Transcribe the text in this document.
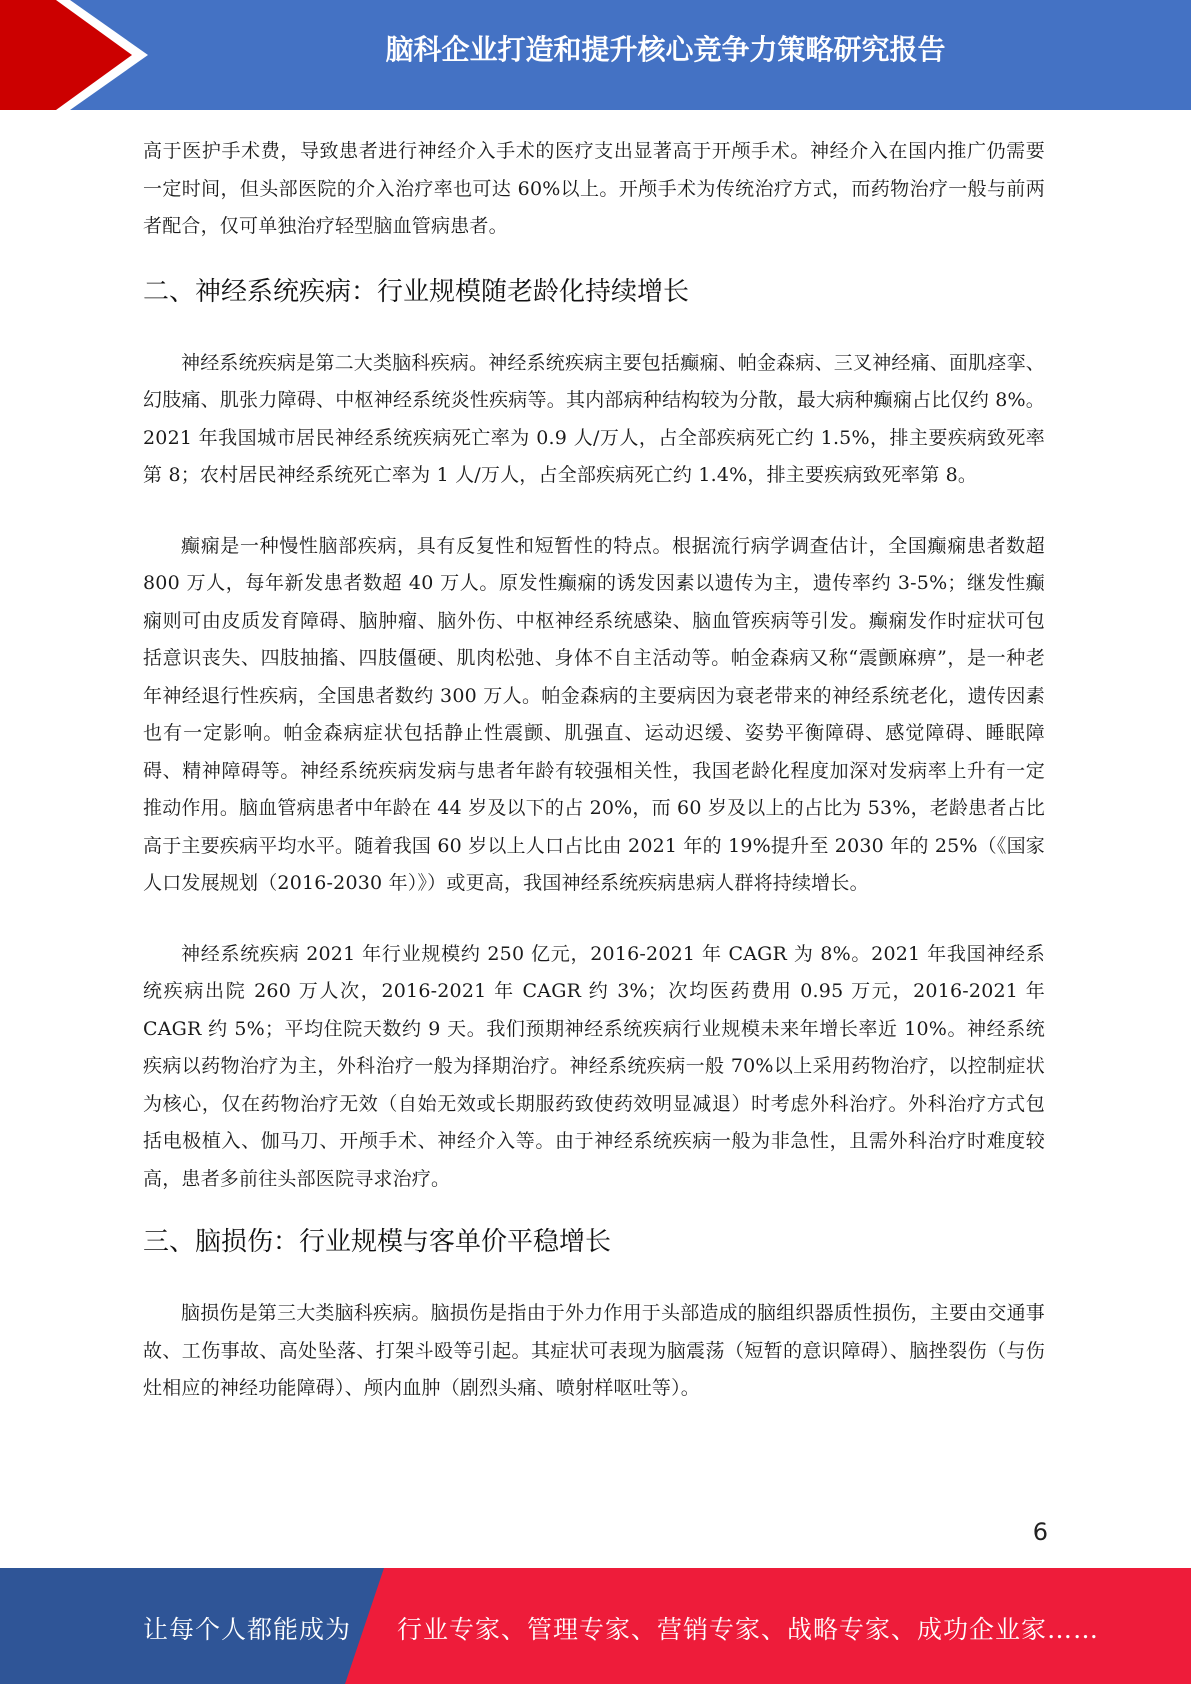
脑科企业打造和提升核心竞争力策略研究报告

高于医护手术费，导致患者进行神经介入手术的医疗支出显著高于开颅手术。神经介入在国内推广仍需要一定时间，但头部医院的介入治疗率也可达 60%以上。开颅手术为传统治疗方式，而药物治疗一般与前两者配合，仅可单独治疗轻型脑血管病患者。

二、神经系统疾病：行业规模随老龄化持续增长

神经系统疾病是第二大类脑科疾病。神经系统疾病主要包括癫痫、帕金森病、三叉神经痛、面肌痉挛、幻肢痛、肌张力障碍、中枢神经系统炎性疾病等。其内部病种结构较为分散，最大病种癫痫占比仅约 8%。2021 年我国城市居民神经系统疾病死亡率为 0.9 人/万人，占全部疾病死亡约 1.5%，排主要疾病致死率第 8；农村居民神经系统死亡率为 1 人/万人，占全部疾病死亡约 1.4%，排主要疾病致死率第 8。

癫痫是一种慢性脑部疾病，具有反复性和短暂性的特点。根据流行病学调查估计，全国癫痫患者数超 800 万人，每年新发患者数超 40 万人。原发性癫痫的诱发因素以遗传为主，遗传率约 3-5%；继发性癫痫则可由皮质发育障碍、脑肿瘤、脑外伤、中枢神经系统感染、脑血管疾病等引发。癫痫发作时症状可包括意识丧失、四肢抽搐、四肢僵硬、肌肉松弛、身体不自主活动等。帕金森病又称“震颤麻痹”，是一种老年神经退行性疾病，全国患者数约 300 万人。帕金森病的主要病因为衰老带来的神经系统老化，遗传因素也有一定影响。帕金森病症状包括静止性震颤、肌强直、运动迟缓、姿势平衡障碍、感觉障碍、睡眠障碍、精神障碍等。神经系统疾病发病与患者年龄有较强相关性，我国老龄化程度加深对发病率上升有一定推动作用。脑血管病患者中年龄在 44 岁及以下的占 20%，而 60 岁及以上的占比为 53%，老龄患者占比高于主要疾病平均水平。随着我国 60 岁以上人口占比由 2021 年的 19%提升至 2030 年的 25%（《国家人口发展规划（2016-2030 年）》）或更高，我国神经系统疾病患病人群将持续增长。

神经系统疾病 2021 年行业规模约 250 亿元，2016-2021 年 CAGR 为 8%。2021 年我国神经系统疾病出院 260 万人次，2016-2021 年 CAGR 约 3%；次均医药费用 0.95 万元，2016-2021 年 CAGR 约 5%；平均住院天数约 9 天。我们预期神经系统疾病行业规模未来年增长率近 10%。神经系统疾病以药物治疗为主，外科治疗一般为择期治疗。神经系统疾病一般 70%以上采用药物治疗，以控制症状为核心，仅在药物治疗无效（自始无效或长期服药致使药效明显减退）时考虑外科治疗。外科治疗方式包括电极植入、伽马刀、开颅手术、神经介入等。由于神经系统疾病一般为非急性，且需外科治疗时难度较高，患者多前往头部医院寻求治疗。

三、脑损伤：行业规模与客单价平稳增长

脑损伤是第三大类脑科疾病。脑损伤是指由于外力作用于头部造成的脑组织器质性损伤，主要由交通事故、工伤事故、高处坠落、打架斗殴等引起。其症状可表现为脑震荡（短暂的意识障碍）、脑挫裂伤（与伤灶相应的神经功能障碍）、颅内血肿（剧烈头痛、喷射样呕吐等）。

6
让每个人都能成为 行业专家、管理专家、营销专家、战略专家、成功企业家……
